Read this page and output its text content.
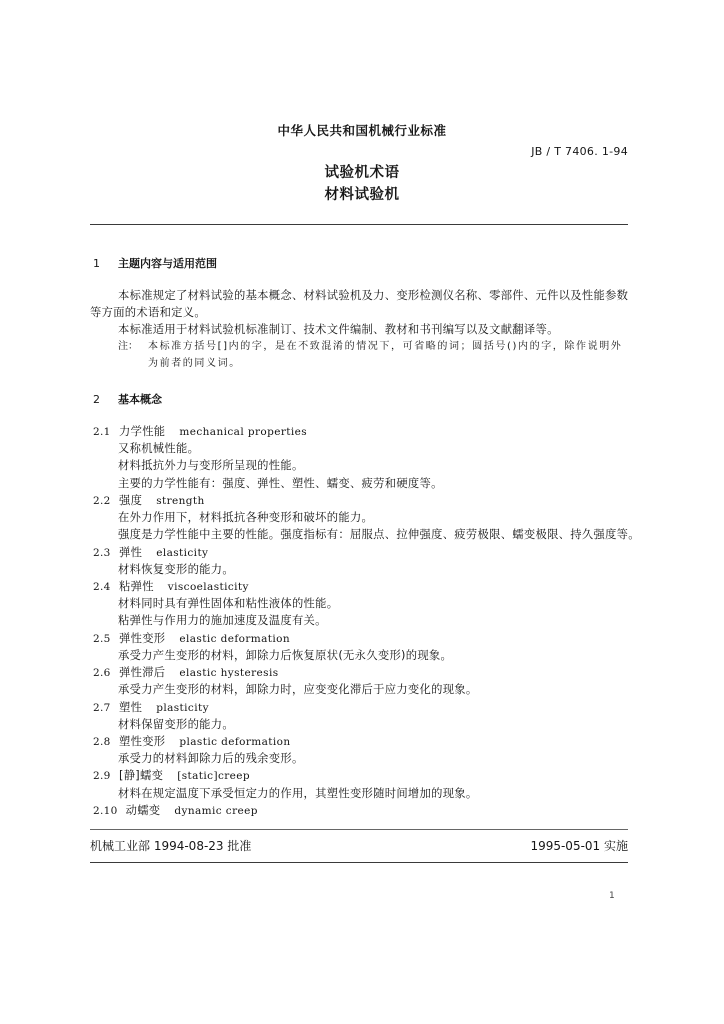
中华人民共和国机械行业标准
JB / T 7406. 1-94
试验机术语
材料试验机
1 主题内容与适用范围
本标准规定了材料试验的基本概念、材料试验机及力、变形检测仪名称、零部件、元件以及性能参数
等方面的术语和定义。
本标准适用于材料试验机标准制订、技术文件编制、教材和书刊编写以及文献翻译等。
注： 本标准方括号[]内的字，是在不致混淆的情况下，可省略的词；圆括号()内的字，除作说明外
为前者的同义词。
2 基本概念
2.1 力学性能 mechanical properties
又称机械性能。
材料抵抗外力与变形所呈现的性能。
主要的力学性能有：强度、弹性、塑性、蠕变、疲劳和硬度等。
2.2 强度 strength
在外力作用下，材料抵抗各种变形和破坏的能力。
强度是力学性能中主要的性能。强度指标有：屈服点、拉伸强度、疲劳极限、蠕变极限、持久强度等。
2.3 弹性 elasticity
材料恢复变形的能力。
2.4 粘弹性 viscoelasticity
材料同时具有弹性固体和粘性液体的性能。
粘弹性与作用力的施加速度及温度有关。
2.5 弹性变形 elastic deformation
承受力产生变形的材料，卸除力后恢复原状(无永久变形)的现象。
2.6 弹性滞后 elastic hysteresis
承受力产生变形的材料，卸除力时，应变变化滞后于应力变化的现象。
2.7 塑性 plasticity
材料保留变形的能力。
2.8 塑性变形 plastic deformation
承受力的材料卸除力后的残余变形。
2.9 [静]蠕变 [static]creep
材料在规定温度下承受恒定力的作用，其塑性变形随时间增加的现象。
2.10 动蠕变 dynamic creep
机械工业部 1994-08-23 批准	1995-05-01 实施
1
